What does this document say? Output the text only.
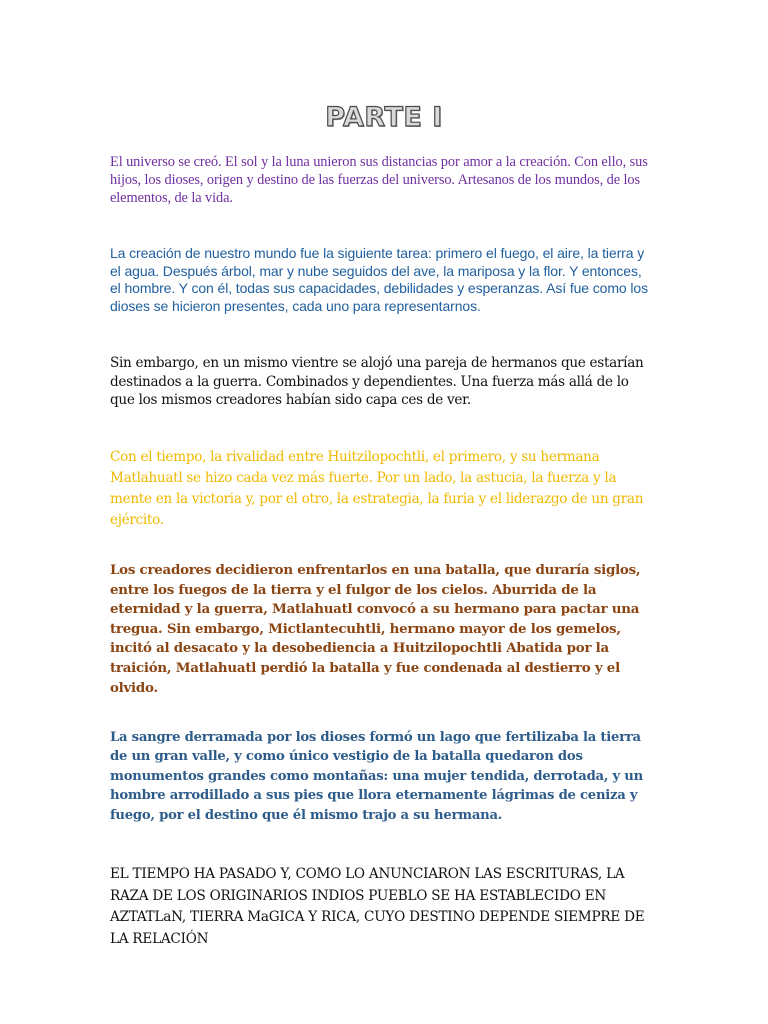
PARTE I

El universo se creó. El sol y la luna unieron sus distancias por amor a la creación. Con ello, sus hijos, los dioses, origen y destino de las fuerzas del universo. Artesanos de los mundos, de los elementos, de la vida.

La creación de nuestro mundo fue la siguiente tarea: primero el fuego, el aire, la tierra y el agua. Después árbol, mar y nube seguidos del ave, la mariposa y la flor. Y entonces, el hombre. Y con él, todas sus capacidades, debilidades y esperanzas. Así fue como los dioses se hicieron presentes, cada uno para representarnos.

Sin embargo, en un mismo vientre se alojó una pareja de hermanos que estarían destinados a la guerra. Combinados y dependientes. Una fuerza más allá de lo que los mismos creadores habían sido capa ces de ver.

Con el tiempo, la rivalidad entre Huitzilopochtli, el primero, y su hermana Matlahuatl se hizo cada vez más fuerte. Por un lado, la astucia, la fuerza y la mente en la victoria y, por el otro, la estrategia, la furia y el liderazgo de un gran ejército.

Los creadores decidieron enfrentarlos en una batalla, que duraría siglos, entre los fuegos de la tierra y el fulgor de los cielos. Aburrida de la eternidad y la guerra, Matlahuatl convocó a su hermano para pactar una tregua. Sin embargo, Mictlantecuhtli, hermano mayor de los gemelos, incitó al desacato y la desobediencia a Huitzilopochtli Abatida por la traición, Matlahuatl perdió la batalla y fue condenada al destierro y el olvido.

La sangre derramada por los dioses formó un lago que fertilizaba la tierra de un gran valle, y como único vestigio de la batalla quedaron dos monumentos grandes como montañas: una mujer tendida, derrotada, y un hombre arrodillado a sus pies que llora eternamente lágrimas de ceniza y fuego, por el destino que él mismo trajo a su hermana.

EL TIEMPO HA PASADO Y, COMO LO ANUNCIARON LAS ESCRITURAS, LA RAZA DE LOS ORIGINARIOS INDIOS PUEBLO SE HA ESTABLECIDO EN AZTATLaN, TIERRA MaGICA Y RICA, CUYO DESTINO DEPENDE SIEMPRE DE LA RELACIÓN
